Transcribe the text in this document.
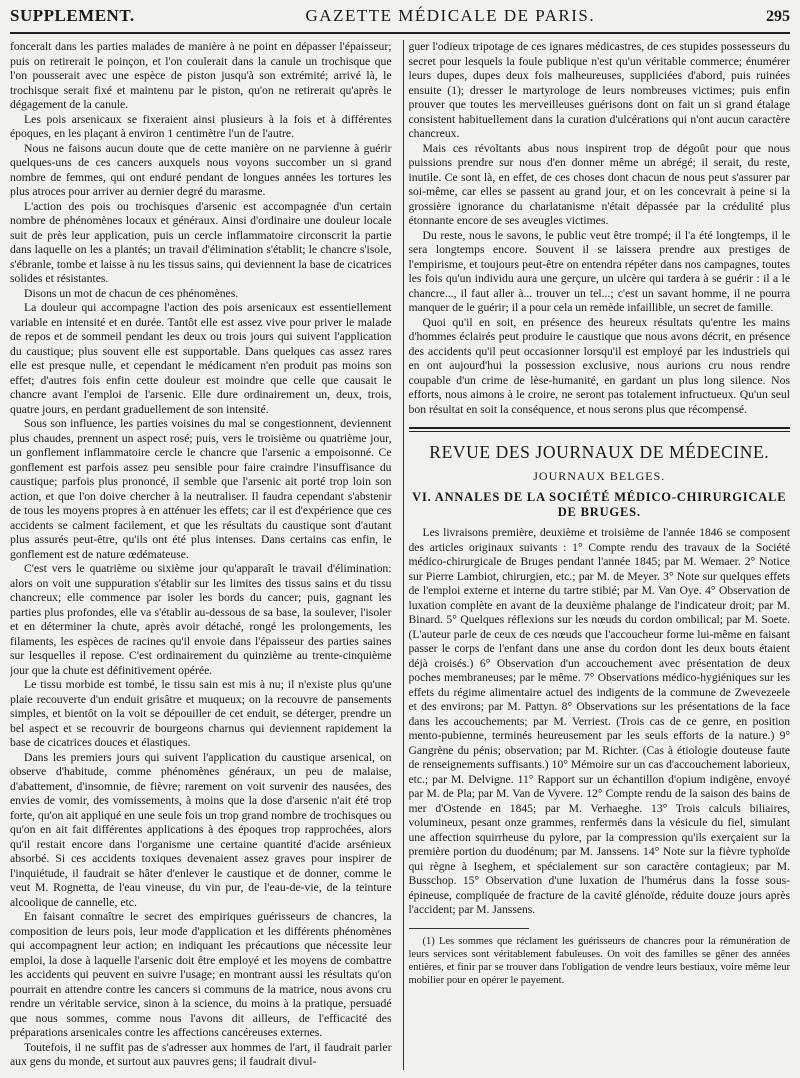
SUPPLEMENT.	GAZETTE MÉDICALE DE PARIS.	295

fonceralt dans les parties malades de manière à ne point en dépasser l'épaisseur; puis on retirerait le poinçon, et l'on coulerait dans la canule un trochisque que l'on pousserait avec une espèce de piston jusqu'à son extrémité; arrivé là, le trochisque serait fixé et maintenu par le piston, qu'on ne retirerait qu'après le dégagement de la canule.

Les pois arsenicaux se fixeraient ainsi plusieurs à la fois et à différentes époques, en les plaçant à environ 1 centimètre l'un de l'autre.

Nous ne faisons aucun doute que de cette manière on ne parvienne à guérir quelques-uns de ces cancers auxquels nous voyons succomber un si grand nombre de femmes, qui ont enduré pendant de longues années les tortures les plus atroces pour arriver au dernier degré du marasme.

L'action des pois ou trochisques d'arsenic est accompagnée d'un certain nombre de phénomènes locaux et généraux. Ainsi d'ordinaire une douleur locale suit de près leur application, puis un cercle inflammatoire circonscrit la partie dans laquelle on les a plantés; un travail d'élimination s'établit; le chancre s'isole, s'ébranle, tombe et laisse à nu les tissus sains, qui deviennent la base de cicatrices solides et résistantes.

Disons un mot de chacun de ces phénomènes.

La douleur qui accompagne l'action des pois arsenicaux est essentiellement variable en intensité et en durée. Tantôt elle est assez vive pour priver le malade de repos et de sommeil pendant les deux ou trois jours qui suivent l'application du caustique; plus souvent elle est supportable. Dans quelques cas assez rares elle est presque nulle, et cependant le médicament n'en produit pas moins son effet; d'autres fois enfin cette douleur est moindre que celle que causait le chancre avant l'emploi de l'arsenic. Elle dure ordinairement un, deux, trois, quatre jours, en perdant graduellement de son intensité.

Sous son influence, les parties voisines du mal se congestionnent, deviennent plus chaudes, prennent un aspect rosé; puis, vers le troisième ou quatrième jour, un gonflement inflammatoire cercle le chancre que l'arsenic a empoisonné. Ce gonflement est parfois assez peu sensible pour faire craindre l'insuffisance du caustique; parfois plus prononcé, il semble que l'arsenic ait porté trop loin son action, et que l'on doive chercher à la neutraliser. Il faudra cependant s'abstenir de tous les moyens propres à en atténuer les effets; car il est d'expérience que ces accidents se calment facilement, et que les résultats du caustique sont d'autant plus assurés peut-être, qu'ils ont été plus intenses. Dans certains cas enfin, le gonflement est de nature œdémateuse.

C'est vers le quatrième ou sixième jour qu'apparaît le travail d'élimination: alors on voit une suppuration s'établir sur les limites des tissus sains et du tissu chancreux; elle commence par isoler les bords du cancer; puis, gagnant les parties plus profondes, elle va s'établir au-dessous de sa base, la soulever, l'isoler et en déterminer la chute, après avoir détaché, rongé les prolongements, les filaments, les espèces de racines qu'il envoie dans l'épaisseur des parties saines sur lesquelles il repose. C'est ordinairement du quinzième au trente-cinquième jour que la chute est définitivement opérée.

Le tissu morbide est tombé, le tissu sain est mis à nu; il n'existe plus qu'une plaie recouverte d'un enduit grisâtre et muqueux; on la recouvre de pansements simples, et bientôt on la voit se dépouiller de cet enduit, se déterger, prendre un bel aspect et se recouvrir de bourgeons charnus qui deviennent rapidement la base de cicatrices douces et élastiques.

Dans les premiers jours qui suivent l'application du caustique arsenical, on observe d'habitude, comme phénomènes généraux, un peu de malaise, d'abattement, d'insomnie, de fièvre; rarement on voit survenir des nausées, des envies de vomir, des vomissements, à moins que la dose d'arsenic n'ait été trop forte, qu'on ait appliqué en une seule fois un trop grand nombre de trochisques ou qu'on en ait fait différentes applications à des époques trop rapprochées, alors qu'il restait encore dans l'organisme une certaine quantité d'acide arsénieux absorbé. Si ces accidents toxiques devenaient assez graves pour inspirer de l'inquiétude, il faudrait se hâter d'enlever le caustique et de donner, comme le veut M. Rognetta, de l'eau vineuse, du vin pur, de l'eau-de-vie, de la teinture alcoolique de cannelle, etc.

En faisant connaître le secret des empiriques guérisseurs de chancres, la composition de leurs pois, leur mode d'application et les différents phénomènes qui accompagnent leur action; en indiquant les précautions que nécessite leur emploi, la dose à laquelle l'arsenic doit être employé et les moyens de combattre les accidents qui peuvent en suivre l'usage; en montrant aussi les résultats qu'on pourrait en attendre contre les cancers si communs de la matrice, nous avons cru rendre un véritable service, sinon à la science, du moins à la pratique, persuadé que nous sommes, comme nous l'avons dit ailleurs, de l'efficacité des préparations arsenicales contre les affections cancéreuses externes.

Toutefois, il ne suffit pas de s'adresser aux hommes de l'art, il faudrait parler aux gens du monde, et surtout aux pauvres gens; il faudrait divul-

guer l'odieux tripotage de ces ignares médicastres, de ces stupides possesseurs du secret pour lesquels la foule publique n'est qu'un véritable commerce; énumérer leurs dupes, dupes deux fois malheureuses, suppliciées d'abord, puis ruinées ensuite (1); dresser le martyrologe de leurs nombreuses victimes; puis enfin prouver que toutes les merveilleuses guérisons dont on fait un si grand étalage consistent habituellement dans la curation d'ulcérations qui n'ont aucun caractère chancreux.

Mais ces révoltants abus nous inspirent trop de dégoût pour que nous puissions prendre sur nous d'en donner même un abrégé; il serait, du reste, inutile. Ce sont là, en effet, de ces choses dont chacun de nous peut s'assurer par soi-même, car elles se passent au grand jour, et on les concevrait à peine si la grossière ignorance du charlatanisme n'était dépassée par la crédulité plus étonnante encore de ses aveugles victimes.

Du reste, nous le savons, le public veut être trompé; il l'a été longtemps, il le sera longtemps encore. Souvent il se laissera prendre aux prestiges de l'empirisme, et toujours peut-être on entendra répéter dans nos campagnes, toutes les fois qu'un individu aura une gerçure, un ulcère qui tardera à se guérir : il a le chancre..., il faut aller à... trouver un tel...; c'est un savant homme, il ne pourra manquer de le guérir; il a pour cela un remède infaillible, un secret de famille.

Quoi qu'il en soit, en présence des heureux résultats qu'entre les mains d'hommes éclairés peut produire le caustique que nous avons décrit, en présence des accidents qu'il peut occasionner lorsqu'il est employé par les industriels qui en ont aujourd'hui la possession exclusive, nous aurions cru nous rendre coupable d'un crime de lèse-humanité, en gardant un plus long silence. Nos efforts, nous aimons à le croire, ne seront pas totalement infructueux. Qu'un seul bon résultat en soit la conséquence, et nous serons plus que récompensé.

REVUE DES JOURNAUX DE MÉDECINE.
JOURNAUX BELGES.
VI. ANNALES DE LA SOCIÉTÉ MÉDICO-CHIRURGICALE DE BRUGES.

Les livraisons première, deuxième et troisième de l'année 1846 se composent des articles originaux suivants : 1° Compte rendu des travaux de la Société médico-chirurgicale de Bruges pendant l'année 1845; par M. Wemaer. 2° Notice sur Pierre Lambiot, chirurgien, etc.; par M. de Meyer. 3° Note sur quelques effets de l'emploi externe et interne du tartre stibié; par M. Van Oye. 4° Observation de luxation complète en avant de la deuxième phalange de l'indicateur droit; par M. Binard. 5° Quelques réflexions sur les nœuds du cordon ombilical; par M. Soete. (L'auteur parle de ceux de ces nœuds que l'accoucheur forme lui-même en faisant passer le corps de l'enfant dans une anse du cordon dont les deux bouts étaient déjà croisés.) 6° Observation d'un accouchement avec présentation de deux poches membraneuses; par le même. 7° Observations médico-hygiéniques sur les effets du régime alimentaire actuel des indigents de la commune de Zwevezeele et des environs; par M. Pattyn. 8° Observations sur les présentations de la face dans les accouchements; par M. Verriest. (Trois cas de ce genre, en position mento-pubienne, terminés heureusement par les seuls efforts de la nature.) 9° Gangrène du pénis; observation; par M. Richter. (Cas à étiologie douteuse faute de renseignements suffisants.) 10° Mémoire sur un cas d'accouchement laborieux, etc.; par M. Delvigne. 11° Rapport sur un échantillon d'opium indigène, envoyé par M. de Pla; par M. Van de Vyvere. 12° Compte rendu de la saison des bains de mer d'Ostende en 1845; par M. Verhaeghe. 13° Trois calculs biliaires, volumineux, pesant onze grammes, renfermés dans la vésicule du fiel, simulant une affection squirrheuse du pylore, par la compression qu'ils exerçaient sur la première portion du duodénum; par M. Janssens. 14° Note sur la fièvre typhoïde qui règne à Iseghem, et spécialement sur son caractère contagieux; par M. Busschop. 15° Observation d'une luxation de l'humérus dans la fosse sous-épineuse, compliquée de fracture de la cavité glénoïde, réduite douze jours après l'accident; par M. Janssens.

(1) Les sommes que réclament les guérisseurs de chancres pour la rémunération de leurs services sont véritablement fabuleuses. On voit des familles se gêner des années entières, et finir par se trouver dans l'obligation de vendre leurs bestiaux, voire même leur mobilier pour en opérer le payement.
